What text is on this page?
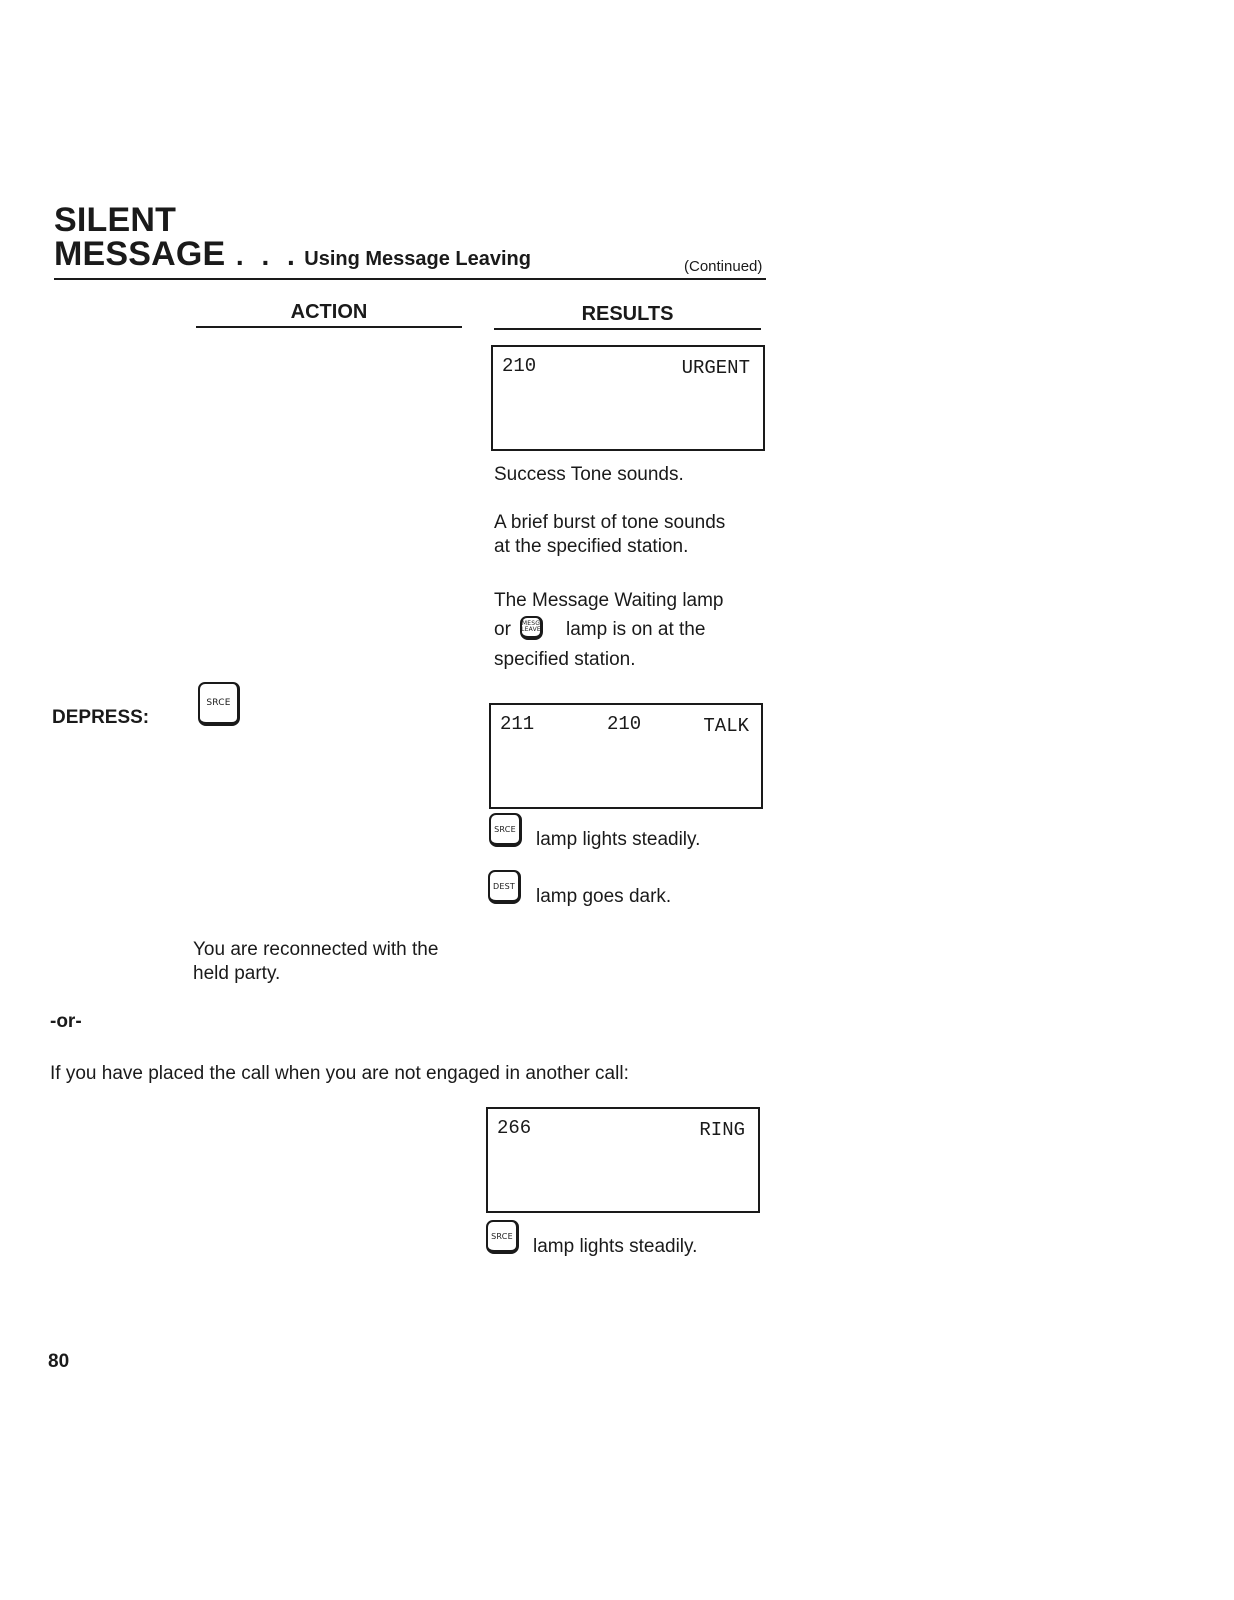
SILENT
MESSAGE . . . Using Message Leaving	(Continued)
ACTION	RESULTS
210	URGENT
Success Tone sounds.
A brief burst of tone sounds
at the specified station.
The Message Waiting lamp
or MESG
LEAVE lamp is on at the
specified station.
DEPRESS:
SRCE
211	210	TALK
SRCE	lamp lights steadily.
DEST	lamp goes dark.
You are reconnected with the
held party.
-or-
If you have placed the call when you are not engaged in another call:
266	RING
SRCE	lamp lights steadily.
80
